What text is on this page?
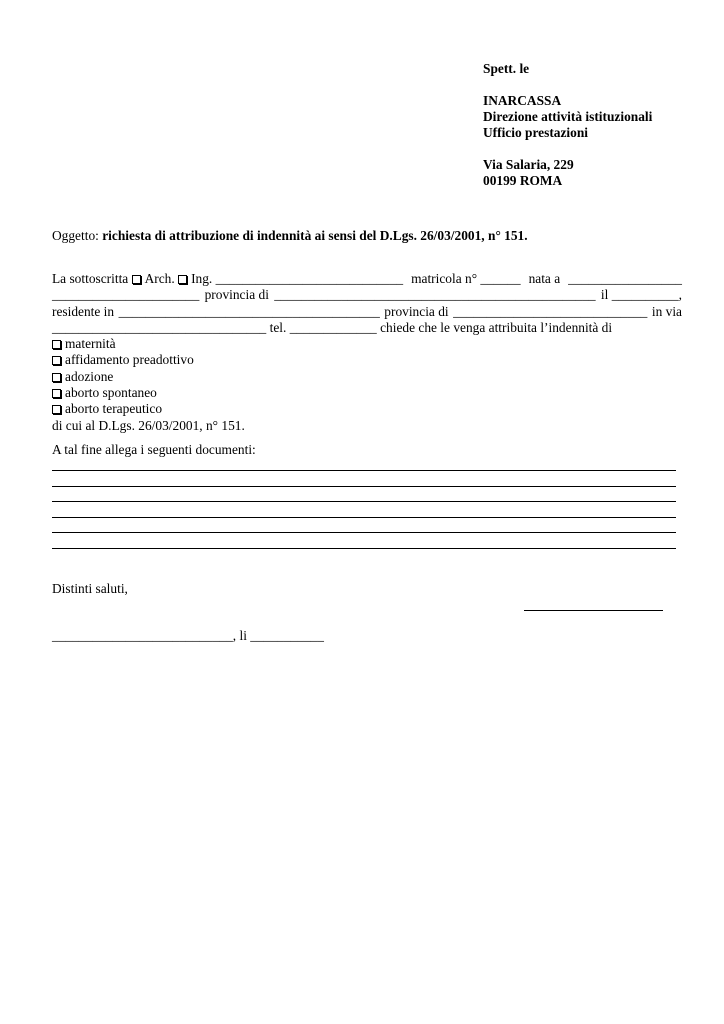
Spett. le
INARCASSA
Direzione attività istituzionali
Ufficio prestazioni
Via Salaria, 229
00199 ROMA
Oggetto: richiesta di attribuzione di indennità ai sensi del D.Lgs. 26/03/2001, n° 151.
La sottoscritta Arch. Ing. ____________________________ matricola n° ______ nata a _________________
______________________ provincia di ________________________________________________ il __________,
residente in _______________________________________ provincia di _____________________________ in via
________________________________ tel. _____________ chiede che le venga attribuita l’indennità di
maternità
affidamento preadottivo
adozione
aborto spontaneo
aborto terapeutico
di cui al D.Lgs. 26/03/2001, n° 151.
A tal fine allega i seguenti documenti:
Distinti saluti,
___________________________, li ___________
